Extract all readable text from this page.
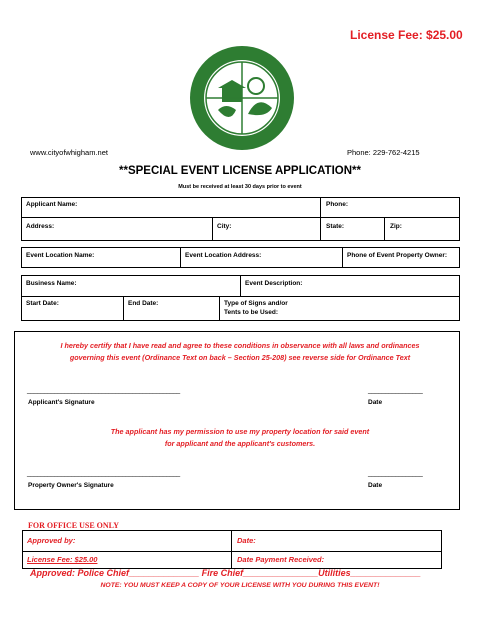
License Fee: $25.00
www.cityofwhigham.net	Phone: 229-762-4215
**SPECIAL EVENT LICENSE APPLICATION**
Must be received at least 30 days prior to event
Applicant Name:	Phone:
Address:	City:	State:	Zip:
Event Location Name:	Event Location Address:	Phone of Event Property Owner:
Business Name:	Event Description:
Start Date:	End Date:	Type of Signs and/or
Tents to be Used:
I hereby certify that I have read and agree to these conditions in observance with all laws and ordinances
governing this event (Ordinance Text on back – Section 25-208) see reverse side for Ordinance Text
_____________________________________________	________________
Applicant's Signature	Date
The applicant has my permission to use my property location for said event
for applicant and the applicant's customers.
_____________________________________________	________________
Property Owner's Signature	Date
FOR OFFICE USE ONLY
Approved by:	Date:
License Fee: $25.00	Date Payment Received:
Approved: Police Chief______________ Fire Chief_______________Utilities______________
NOTE: YOU MUST KEEP A COPY OF YOUR LICENSE WITH YOU DURING THIS EVENT!
